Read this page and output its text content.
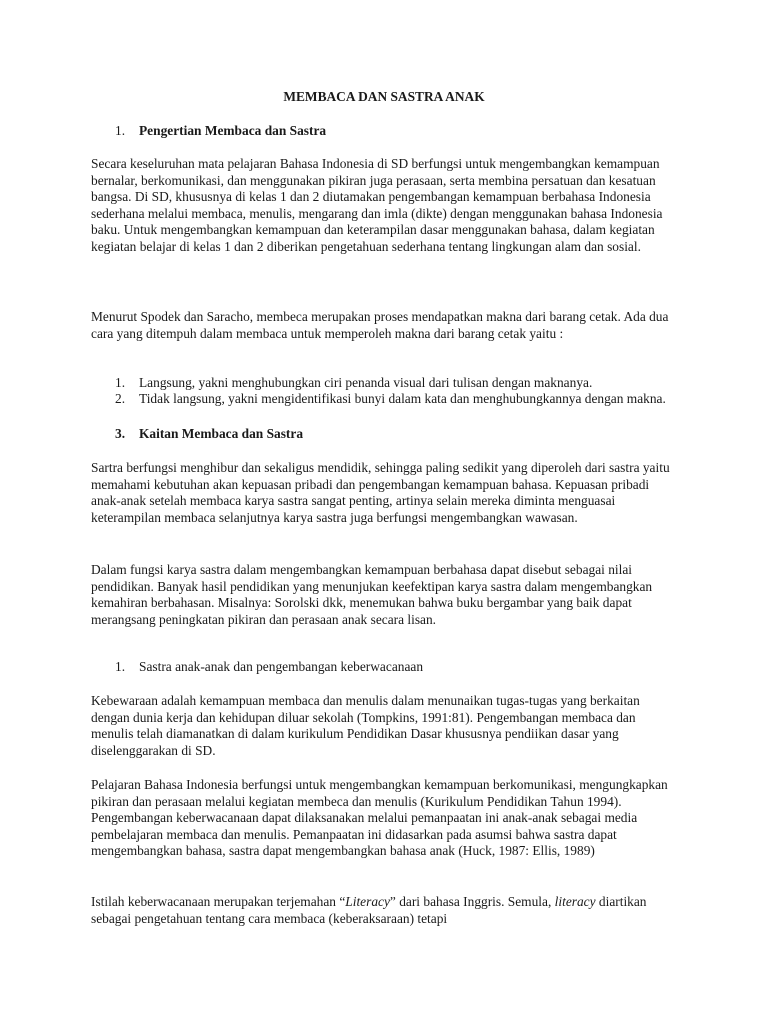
MEMBACA DAN SASTRA ANAK
1. Pengertian Membaca dan Sastra

Secara keseluruhan mata pelajaran Bahasa Indonesia di SD berfungsi untuk mengembangkan kemampuan bernalar, berkomunikasi, dan menggunakan pikiran juga perasaan, serta membina persatuan dan kesatuan bangsa. Di SD, khususnya di kelas 1 dan 2 diutamakan pengembangan kemampuan berbahasa Indonesia sederhana melalui membaca, menulis, mengarang dan imla (dikte) dengan menggunakan bahasa Indonesia baku. Untuk mengembangkan kemampuan dan keterampilan dasar menggunakan bahasa, dalam kegiatan kegiatan belajar di kelas 1 dan 2 diberikan pengetahuan sederhana tentang lingkungan alam dan sosial.

Menurut Spodek dan Saracho, membeca merupakan proses mendapatkan makna dari barang cetak. Ada dua cara yang ditempuh dalam membaca untuk memperoleh makna dari barang cetak yaitu :

1. Langsung, yakni menghubungkan ciri penanda visual dari tulisan dengan maknanya.
2. Tidak langsung, yakni mengidentifikasi bunyi dalam kata dan menghubungkannya dengan makna.
3. Kaitan Membaca dan Sastra

Sartra berfungsi menghibur dan sekaligus mendidik, sehingga paling sedikit yang diperoleh dari sastra yaitu memahami kebutuhan akan kepuasan pribadi dan pengembangan kemampuan bahasa. Kepuasan pribadi anak-anak setelah membaca karya sastra sangat penting, artinya selain mereka diminta menguasai keterampilan membaca selanjutnya karya sastra juga berfungsi mengembangkan wawasan.

Dalam fungsi karya sastra dalam mengembangkan kemampuan berbahasa dapat disebut sebagai nilai pendidikan. Banyak hasil pendidikan yang menunjukan keefektipan karya sastra dalam mengembangkan kemahiran berbahasan. Misalnya: Sorolski dkk, menemukan bahwa buku bergambar yang baik dapat merangsang peningkatan pikiran dan perasaan anak secara lisan.

1. Sastra anak-anak dan pengembangan keberwacanaan

Kebewaraan adalah kemampuan membaca dan menulis dalam menunaikan tugas-tugas yang berkaitan dengan dunia kerja dan kehidupan diluar sekolah (Tompkins, 1991:81). Pengembangan membaca dan menulis telah diamanatkan di dalam kurikulum Pendidikan Dasar khususnya pendiikan dasar yang diselenggarakan di SD.

Pelajaran Bahasa Indonesia berfungsi untuk mengembangkan kemampuan berkomunikasi, mengungkapkan pikiran dan perasaan melalui kegiatan membeca dan menulis (Kurikulum Pendidikan Tahun 1994). Pengembangan keberwacanaan dapat dilaksanakan melalui pemanpaatan ini anak-anak sebagai media pembelajaran membaca dan menulis. Pemanpaatan ini didasarkan pada asumsi bahwa sastra dapat mengembangkan bahasa, sastra dapat mengembangkan bahasa anak (Huck, 1987: Ellis, 1989)

Istilah keberwacanaan merupakan terjemahan “Literacy” dari bahasa Inggris. Semula, literacy diartikan sebagai pengetahuan tentang cara membaca (keberaksaraan) tetapi
